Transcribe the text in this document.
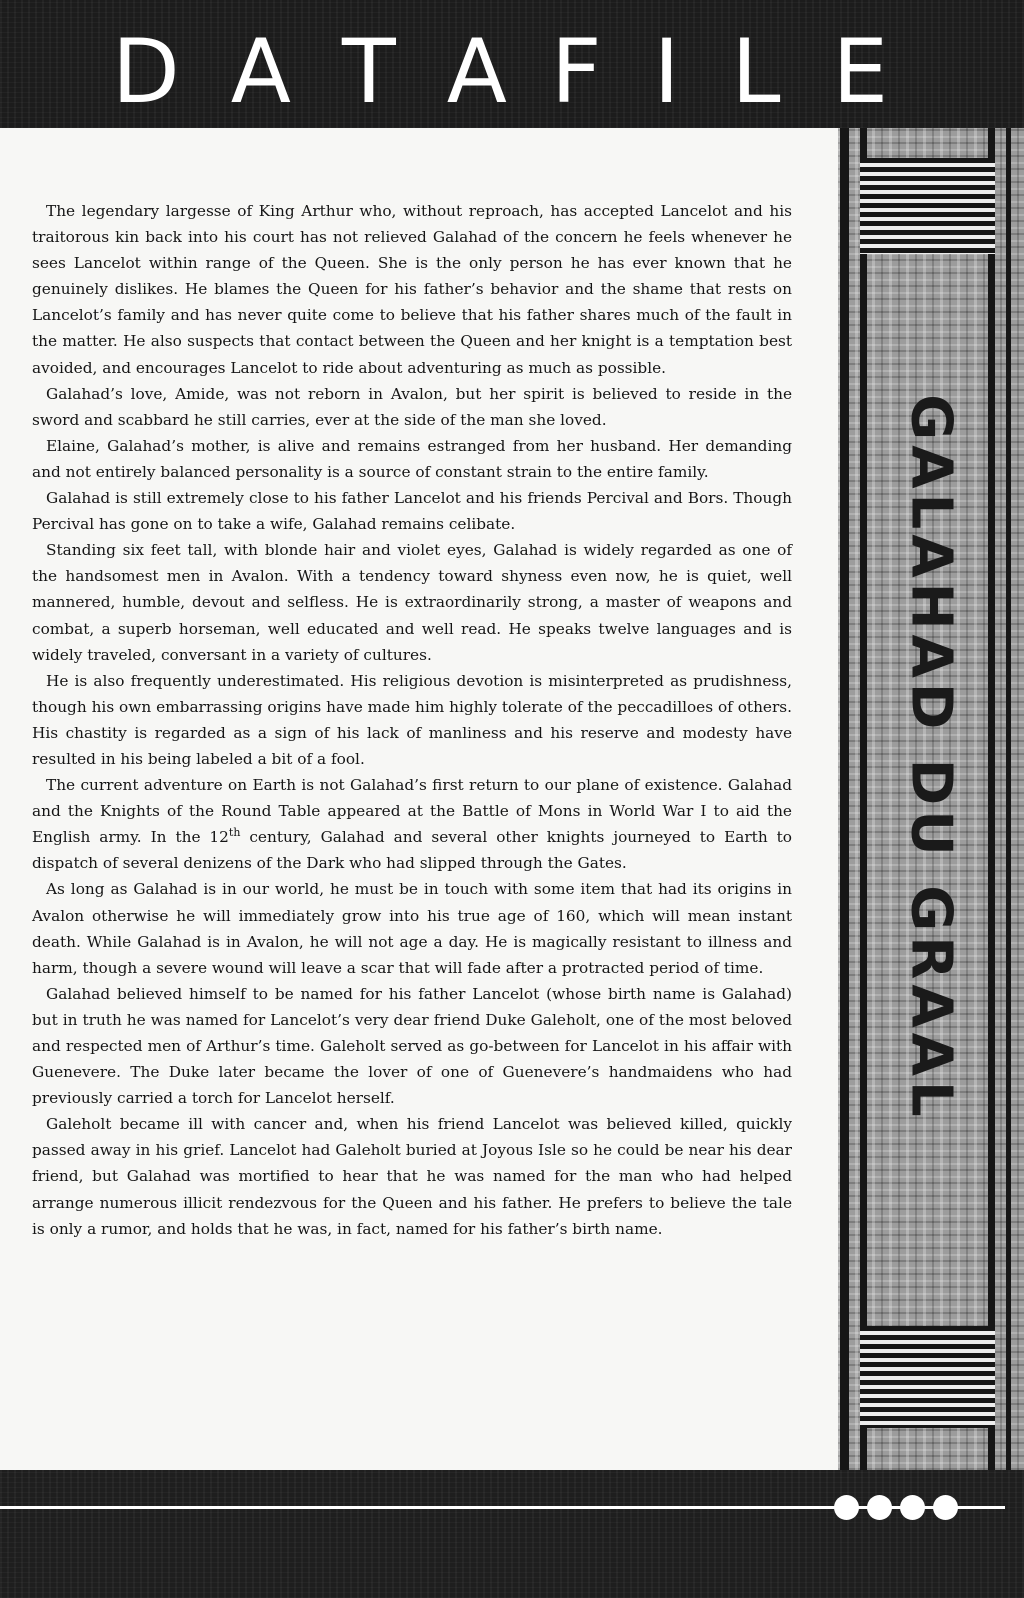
D A T A F I L E

The legendary largesse of King Arthur who, without reproach, has accepted Lancelot and his traitorous kin back into his court has not relieved Galahad of the concern he feels whenever he sees Lancelot within range of the Queen. She is the only person he has ever known that he genuinely dislikes. He blames the Queen for his father’s behavior and the shame that rests on Lancelot’s family and has never quite come to believe that his father shares much of the fault in the matter. He also suspects that contact between the Queen and her knight is a temptation best avoided, and encourages Lancelot to ride about adventuring as much as possible.

Galahad’s love, Amide, was not reborn in Avalon, but her spirit is believed to reside in the sword and scabbard he still carries, ever at the side of the man she loved.

Elaine, Galahad’s mother, is alive and remains estranged from her husband. Her demanding and not entirely balanced personality is a source of constant strain to the entire family.

Galahad is still extremely close to his father Lancelot and his friends Percival and Bors. Though Percival has gone on to take a wife, Galahad remains celibate.

Standing six feet tall, with blonde hair and violet eyes, Galahad is widely regarded as one of the handsomest men in Avalon. With a tendency toward shyness even now, he is quiet, well mannered, humble, devout and selfless. He is extraordinarily strong, a master of weapons and combat, a superb horseman, well educated and well read. He speaks twelve languages and is widely traveled, conversant in a variety of cultures.

He is also frequently underestimated. His religious devotion is misinterpreted as prudishness, though his own embarrassing origins have made him highly tolerate of the peccadilloes of others. His chastity is regarded as a sign of his lack of manliness and his reserve and modesty have resulted in his being labeled a bit of a fool.

The current adventure on Earth is not Galahad’s first return to our plane of existence. Galahad and the Knights of the Round Table appeared at the Battle of Mons in World War I to aid the English army. In the 12th century, Galahad and several other knights journeyed to Earth to dispatch of several denizens of the Dark who had slipped through the Gates.

As long as Galahad is in our world, he must be in touch with some item that had its origins in Avalon otherwise he will immediately grow into his true age of 160, which will mean instant death. While Galahad is in Avalon, he will not age a day. He is magically resistant to illness and harm, though a severe wound will leave a scar that will fade after a protracted period of time.

Galahad believed himself to be named for his father Lancelot (whose birth name is Galahad) but in truth he was named for Lancelot’s very dear friend Duke Galeholt, one of the most beloved and respected men of Arthur’s time. Galeholt served as go-between for Lancelot in his affair with Guenevere. The Duke later became the lover of one of Guenevere’s handmaidens who had previously carried a torch for Lancelot herself.

Galeholt became ill with cancer and, when his friend Lancelot was believed killed, quickly passed away in his grief. Lancelot had Galeholt buried at Joyous Isle so he could be near his dear friend, but Galahad was mortified to hear that he was named for the man who had helped arrange numerous illicit rendezvous for the Queen and his father. He prefers to believe the tale is only a rumor, and holds that he was, in fact, named for his father’s birth name.

GALAHAD DU GRAAL
